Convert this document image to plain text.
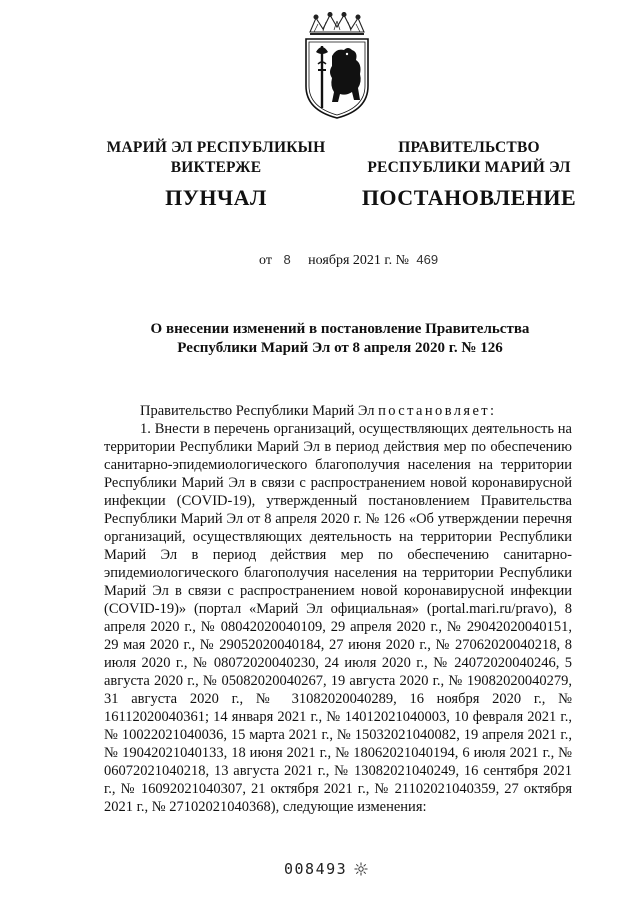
МАРИЙ ЭЛ РЕСПУБЛИКЫН
ВИКТЕРЖЕ
ПУНЧАЛ
ПРАВИТЕЛЬСТВО
РЕСПУБЛИКИ МАРИЙ ЭЛ
ПОСТАНОВЛЕНИЕ
от 8 ноября 2021 г. № 469
О внесении изменений в постановление Правительства
Республики Марий Эл от 8 апреля 2020 г. № 126

Правительство Республики Марий Эл постановляет:

1. Внести в перечень организаций, осуществляющих деятельность на территории Республики Марий Эл в период действия мер по обеспечению санитарно-эпидемиологического благополучия населения на территории Республики Марий Эл в связи с распространением новой коронавирусной инфекции (COVID-19), утвержденный постановлением Правительства Республики Марий Эл от 8 апреля 2020 г. № 126 «Об утверждении перечня организаций, осуществляющих деятельность на территории Республики Марий Эл в период действия мер по обеспечению санитарно-эпидемиологического благополучия населения на территории Республики Марий Эл в связи с распространением новой коронавирусной инфекции (COVID-19)» (портал «Марий Эл официальная» (portal.mari.ru/pravo), 8 апреля 2020 г., № 08042020040109, 29 апреля 2020 г., № 29042020040151, 29 мая 2020 г., № 29052020040184, 27 июня 2020 г., № 27062020040218, 8 июля 2020 г., № 08072020040230, 24 июля 2020 г., № 24072020040246, 5 августа 2020 г., № 05082020040267, 19 августа 2020 г., № 19082020040279, 31 августа 2020 г., № 31082020040289, 16 ноября 2020 г., № 16112020040361; 14 января 2021 г., № 14012021040003, 10 февраля 2021 г., № 10022021040036, 15 марта 2021 г., № 15032021040082, 19 апреля 2021 г., № 19042021040133, 18 июня 2021 г., № 18062021040194, 6 июля 2021 г., № 06072021040218, 13 августа 2021 г., № 13082021040249, 16 сентября 2021 г., № 16092021040307, 21 октября 2021 г., № 21102021040359, 27 октября 2021 г., № 27102021040368), следующие изменения:

008493
